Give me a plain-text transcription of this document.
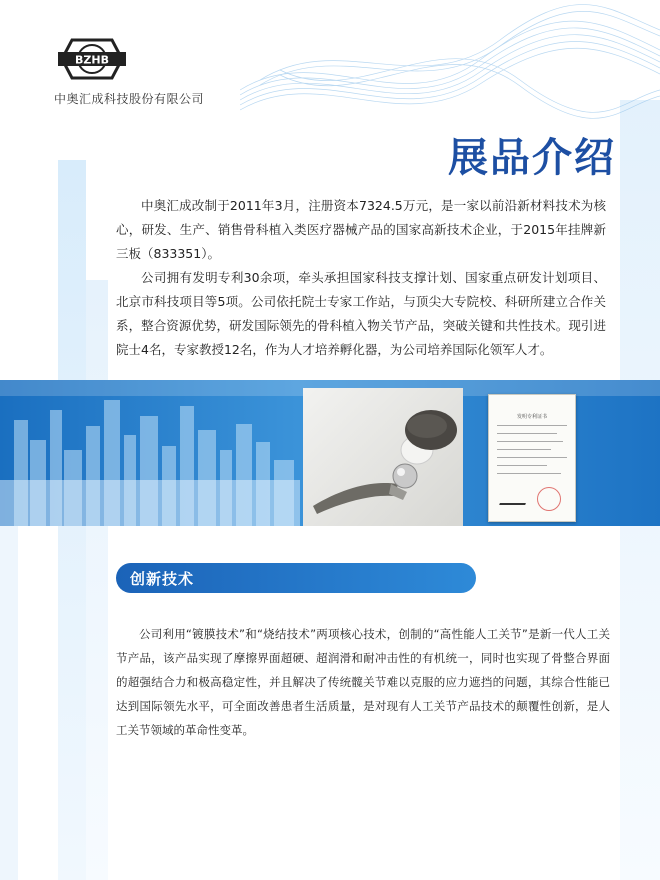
BZHB
中奥汇成科技股份有限公司
展品介绍

中奥汇成改制于2011年3月，注册资本7324.5万元，是一家以前沿新材料技术为核心，研发、生产、销售骨科植入类医疗器械产品的国家高新技术企业，于2015年挂牌新三板（833351）。

公司拥有发明专利30余项，牵头承担国家科技支撑计划、国家重点研发计划项目、北京市科技项目等5项。公司依托院士专家工作站，与顶尖大专院校、科研所建立合作关系，整合资源优势，研发国际领先的骨科植入物关节产品，突破关键和共性技术。现引进院士4名，专家教授12名，作为人才培养孵化器，为公司培养国际化领军人才。

发明专利证书
创新技术

公司利用“镀膜技术”和“烧结技术”两项核心技术，创制的“高性能人工关节”是新一代人工关节产品，该产品实现了摩擦界面超硬、超润滑和耐冲击性的有机统一，同时也实现了骨整合界面的超强结合力和极高稳定性，并且解决了传统髋关节难以克服的应力遮挡的问题，其综合性能已达到国际领先水平，可全面改善患者生活质量，是对现有人工关节产品技术的颠覆性创新，是人工关节领域的革命性变革。
